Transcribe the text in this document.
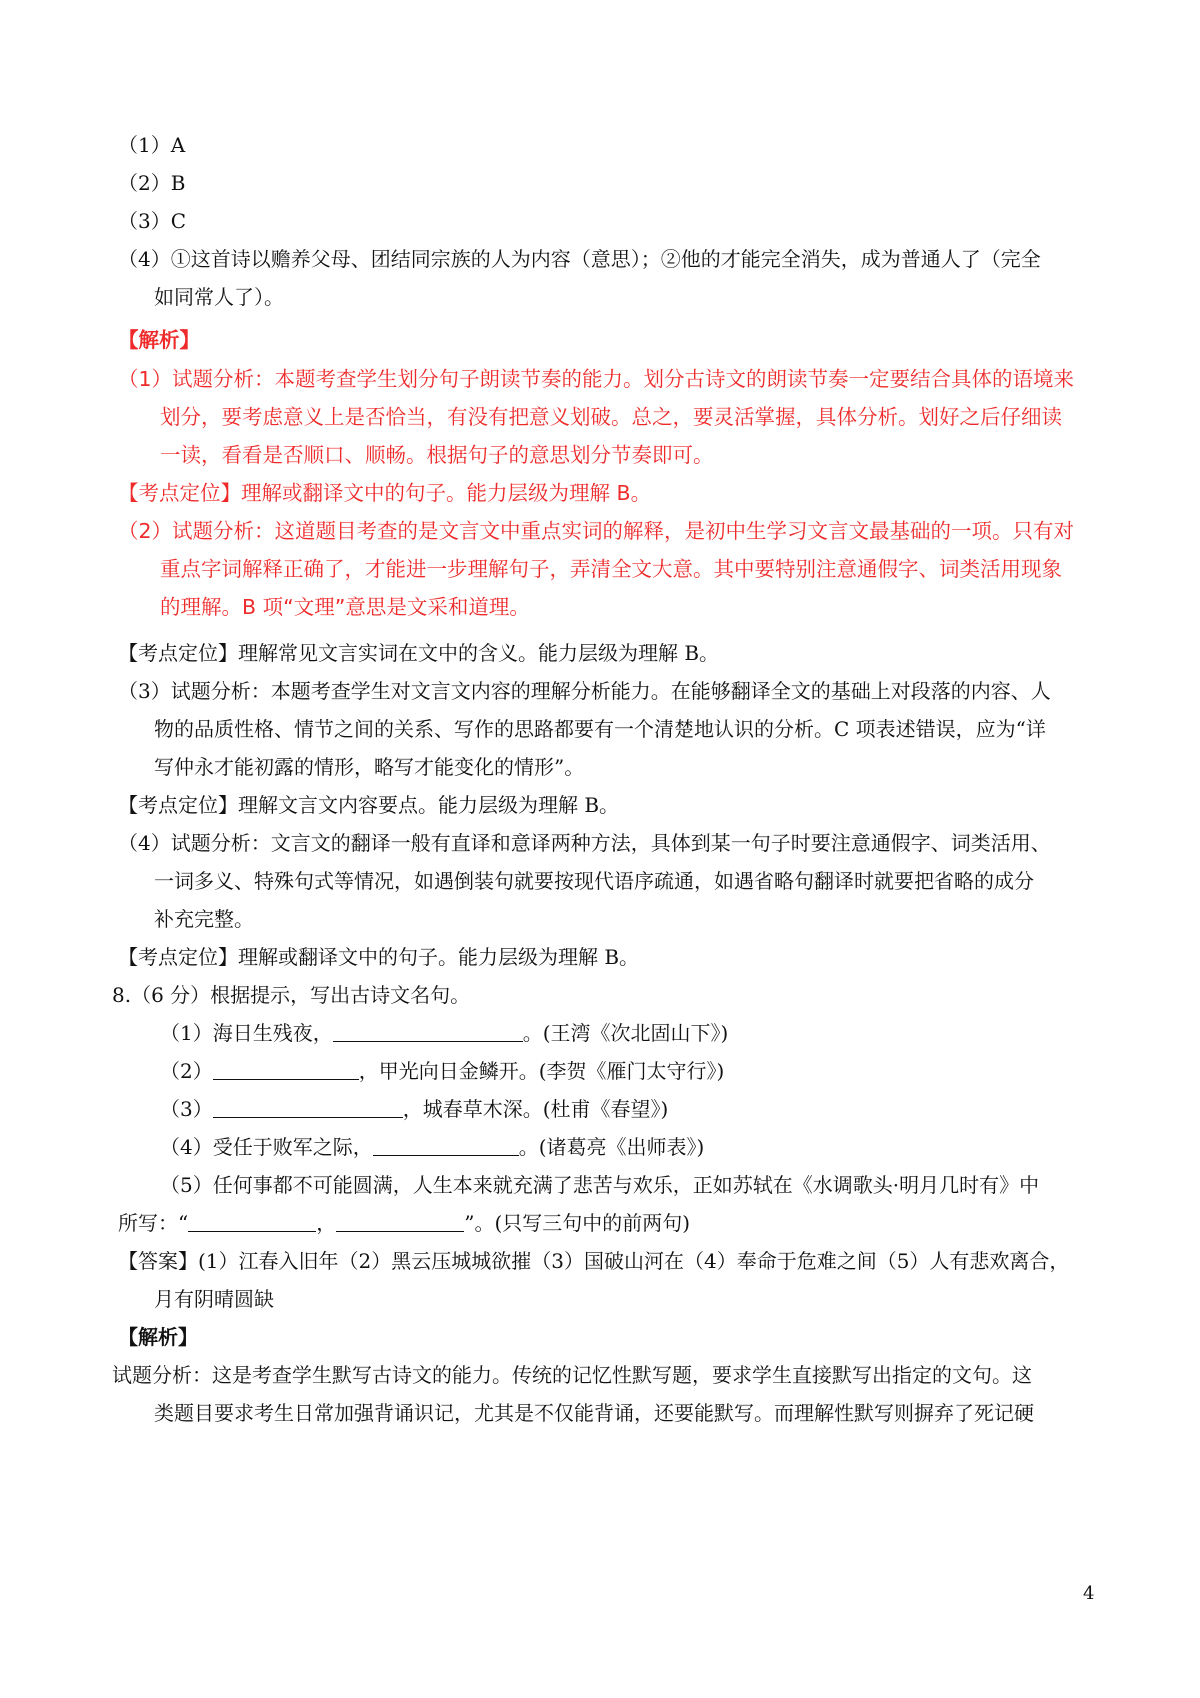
（1）A
（2）B
（3）C
（4）①这首诗以赡养父母、团结同宗族的人为内容（意思）；②他的才能完全消失，成为普通人了（完全
如同常人了）。
【解析】
（1）试题分析：本题考查学生划分句子朗读节奏的能力。划分古诗文的朗读节奏一定要结合具体的语境来
划分，要考虑意义上是否恰当，有没有把意义划破。总之，要灵活掌握，具体分析。划好之后仔细读
一读，看看是否顺口、顺畅。根据句子的意思划分节奏即可。
【考点定位】理解或翻译文中的句子。能力层级为理解 B。
（2）试题分析：这道题目考查的是文言文中重点实词的解释，是初中生学习文言文最基础的一项。只有对
重点字词解释正确了，才能进一步理解句子，弄清全文大意。其中要特别注意通假字、词类活用现象
的理解。B 项“文理”意思是文采和道理。
【考点定位】理解常见文言实词在文中的含义。能力层级为理解 B。
（3）试题分析：本题考查学生对文言文内容的理解分析能力。在能够翻译全文的基础上对段落的内容、人
物的品质性格、情节之间的关系、写作的思路都要有一个清楚地认识的分析。C 项表述错误，应为“详
写仲永才能初露的情形，略写才能变化的情形”。
【考点定位】理解文言文内容要点。能力层级为理解 B。
（4）试题分析：文言文的翻译一般有直译和意译两种方法，具体到某一句子时要注意通假字、词类活用、
一词多义、特殊句式等情况，如遇倒装句就要按现代语序疏通，如遇省略句翻译时就要把省略的成分
补充完整。
【考点定位】理解或翻译文中的句子。能力层级为理解 B。
8.（6 分）根据提示，写出古诗文名句。
（1）海日生残夜，	。(王湾《次北固山下》)
（2）	，甲光向日金鳞开。(李贺《雁门太守行》)
（3）	，城春草木深。(杜甫《春望》)
（4）受任于败军之际，	。(诸葛亮《出师表》)
（5）任何事都不可能圆满，人生本来就充满了悲苦与欢乐，正如苏轼在《水调歌头·明月几时有》中
所写：“	，	”。(只写三句中的前两句)
【答案】(1）江春入旧年（2）黑云压城城欲摧（3）国破山河在（4）奉命于危难之间（5）人有悲欢离合，
月有阴晴圆缺
【解析】
试题分析：这是考查学生默写古诗文的能力。传统的记忆性默写题，要求学生直接默写出指定的文句。这
类题目要求考生日常加强背诵识记，尤其是不仅能背诵，还要能默写。而理解性默写则摒弃了死记硬
4
